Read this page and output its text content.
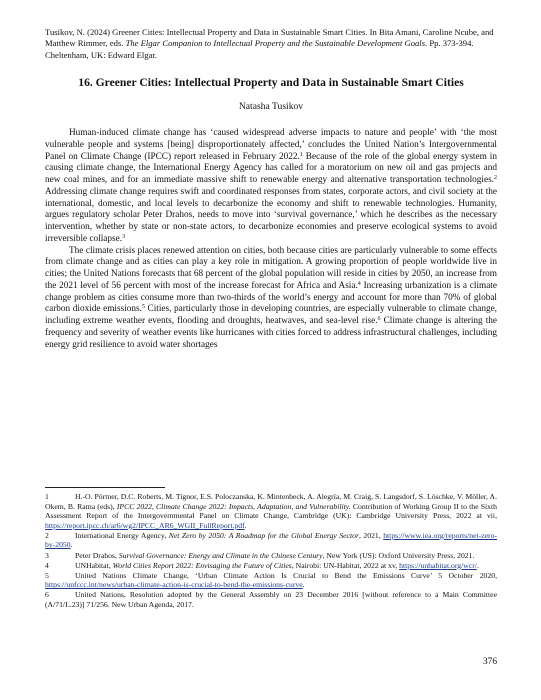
Tusikov, N. (2024) Greener Cities: Intellectual Property and Data in Sustainable Smart Cities. In Bita Amani, Caroline Ncube, and Matthew Rimmer, eds. The Elgar Companion to Intellectual Property and the Sustainable Development Goals. Pp. 373-394. Cheltenham, UK: Edward Elgar.

16. Greener Cities: Intellectual Property and Data in Sustainable Smart Cities

Natasha Tusikov

Human-induced climate change has ‘caused widespread adverse impacts to nature and people’ with ‘the most vulnerable people and systems [being] disproportionately affected,’ concludes the United Nation’s Intergovernmental Panel on Climate Change (IPCC) report released in February 2022.$^1$ Because of the role of the global energy system in causing climate change, the International Energy Agency has called for a moratorium on new oil and gas projects and new coal mines, and for an immediate massive shift to renewable energy and alternative transportation technologies.$^2$ Addressing climate change requires swift and coordinated responses from states, corporate actors, and civil society at the international, domestic, and local levels to decarbonize the economy and shift to renewable technologies. Humanity, argues regulatory scholar Peter Drahos, needs to move into ‘survival governance,’ which he describes as the necessary intervention, whether by state or non-state actors, to decarbonize economies and preserve ecological systems to avoid irreversible collapse.$^3$

The climate crisis places renewed attention on cities, both because cities are particularly vulnerable to some effects from climate change and as cities can play a key role in mitigation. A growing proportion of people worldwide live in cities; the United Nations forecasts that 68 percent of the global population will reside in cities by 2050, an increase from the 2021 level of 56 percent with most of the increase forecast for Africa and Asia.$^4$ Increasing urbanization is a climate change problem as cities consume more than two-thirds of the world’s energy and account for more than 70% of global carbon dioxide emissions.$^5$ Cities, particularly those in developing countries, are especially vulnerable to climate change, including extreme weather events, flooding and droughts, heatwaves, and sea-level rise.$^6$ Climate change is altering the frequency and severity of weather events like hurricanes with cities forced to address infrastructural challenges, including energy grid resilience to avoid water shortages

1	H.-O. Pörtner, D.C. Roberts, M. Tignor, E.S. Poloczanska, K. Mintenbeck, A. Alegría, M. Craig, S. Langsdorf, S. Löschke, V. Möller, A. Okem, B. Rama (eds), IPCC 2022, Climate Change 2022: Impacts, Adaptation, and Vulnerability. Contribution of Working Group II to the Sixth Assessment Report of the Intergovernmental Panel on Climate Change, Cambridge (UK): Cambridge University Press, 2022 at vii, https://report.ipcc.ch/ar6/wg2/IPCC_AR6_WGII_FullReport.pdf.

2	International Energy Agency, Net Zero by 2050: A Roadmap for the Global Energy Sector, 2021, https://www.iea.org/reports/net-zero-by-2050.

3	Peter Drahos, Survival Governance: Energy and Climate in the Chinese Century, New York (US): Oxford University Press, 2021.

4	UNHabitat, World Cities Report 2022: Envisaging the Future of Cities, Nairobi: UN-Habitat, 2022 at xv, https://unhabitat.org/wcr/.

5	United Nations Climate Change, ‘Urban Climate Action Is Crucial to Bend the Emissions Curve’ 5 October 2020, https://unfccc.int/news/urban-climate-action-is-crucial-to-bend-the-emissions-curve.

6	United Nations, Resolution adopted by the General Assembly on 23 December 2016 [without reference to a Main Committee (A/71/L.23)] 71/256. New Urban Agenda, 2017.

376
